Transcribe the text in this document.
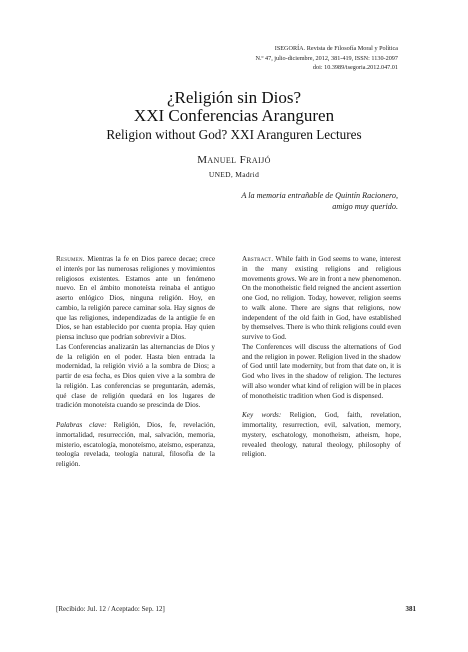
ISEGORÍA. Revista de Filosofía Moral y Política
N.º 47, julio-diciembre, 2012, 381-419, ISSN: 1130-2097
doi: 10.3989/isegoria.2012.047.01
¿Religión sin Dios?
XXI Conferencias Aranguren
Religion without God? XXI Aranguren Lectures
Manuel Fraijó
UNED, Madrid
A la memoria entrañable de Quintín Racionero,
amigo muy querido.

Resumen. Mientras la fe en Dios parece decae; crece el interés por las numerosas religiones y movimientos religiosos existentes. Estamos ante un fenómeno nuevo. En el ámbito monoteísta reinaba el antiguo aserto enlógico Dios, ninguna religión. Hoy, en cambio, la religión parece caminar sola. Hay signos de que las religiones, independizadas de la antigüe fe en Dios, se han establecido por cuenta propia. Hay quien piensa incluso que podrían sobrevivir a Dios.

Las Conferencias analizarán las alternancias de Dios y de la religión en el poder. Hasta bien entrada la modernidad, la religión vivió a la sombra de Dios; a partir de esa fecha, es Dios quien vive a la sombra de la religión. Las conferencias se preguntarán, además, qué clase de religión quedará en los lugares de tradición monoteísta cuando se prescinda de Dios.

Palabras clave: Religión, Dios, fe, revelación, inmortalidad, resurrección, mal, salvación, memoria, misterio, escatología, monoteísmo, ateísmo, esperanza, teología revelada, teología natural, filosofía de la religión.

Abstract. While faith in God seems to wane, interest in the many existing religions and religious movements grows. We are in front a new phenomenon. On the monotheistic field reigned the ancient assertion one God, no religion. Today, however, religion seems to walk alone. There are signs that religions, now independent of the old faith in God, have established by themselves. There is who think religions could even survive to God.

The Conferences will discuss the alternations of God and the religion in power. Religion lived in the shadow of God until late modernity, but from that date on, it is God who lives in the shadow of religion. The lectures will also wonder what kind of religion will be in places of monotheistic tradition when God is dispensed.

Key words: Religion, God, faith, revelation, immortality, resurrection, evil, salvation, memory, mystery, eschatology, monotheism, atheism, hope, revealed theology, natural theology, philosophy of religion.

[Recibido: Jul. 12 / Aceptado: Sep. 12]	381
